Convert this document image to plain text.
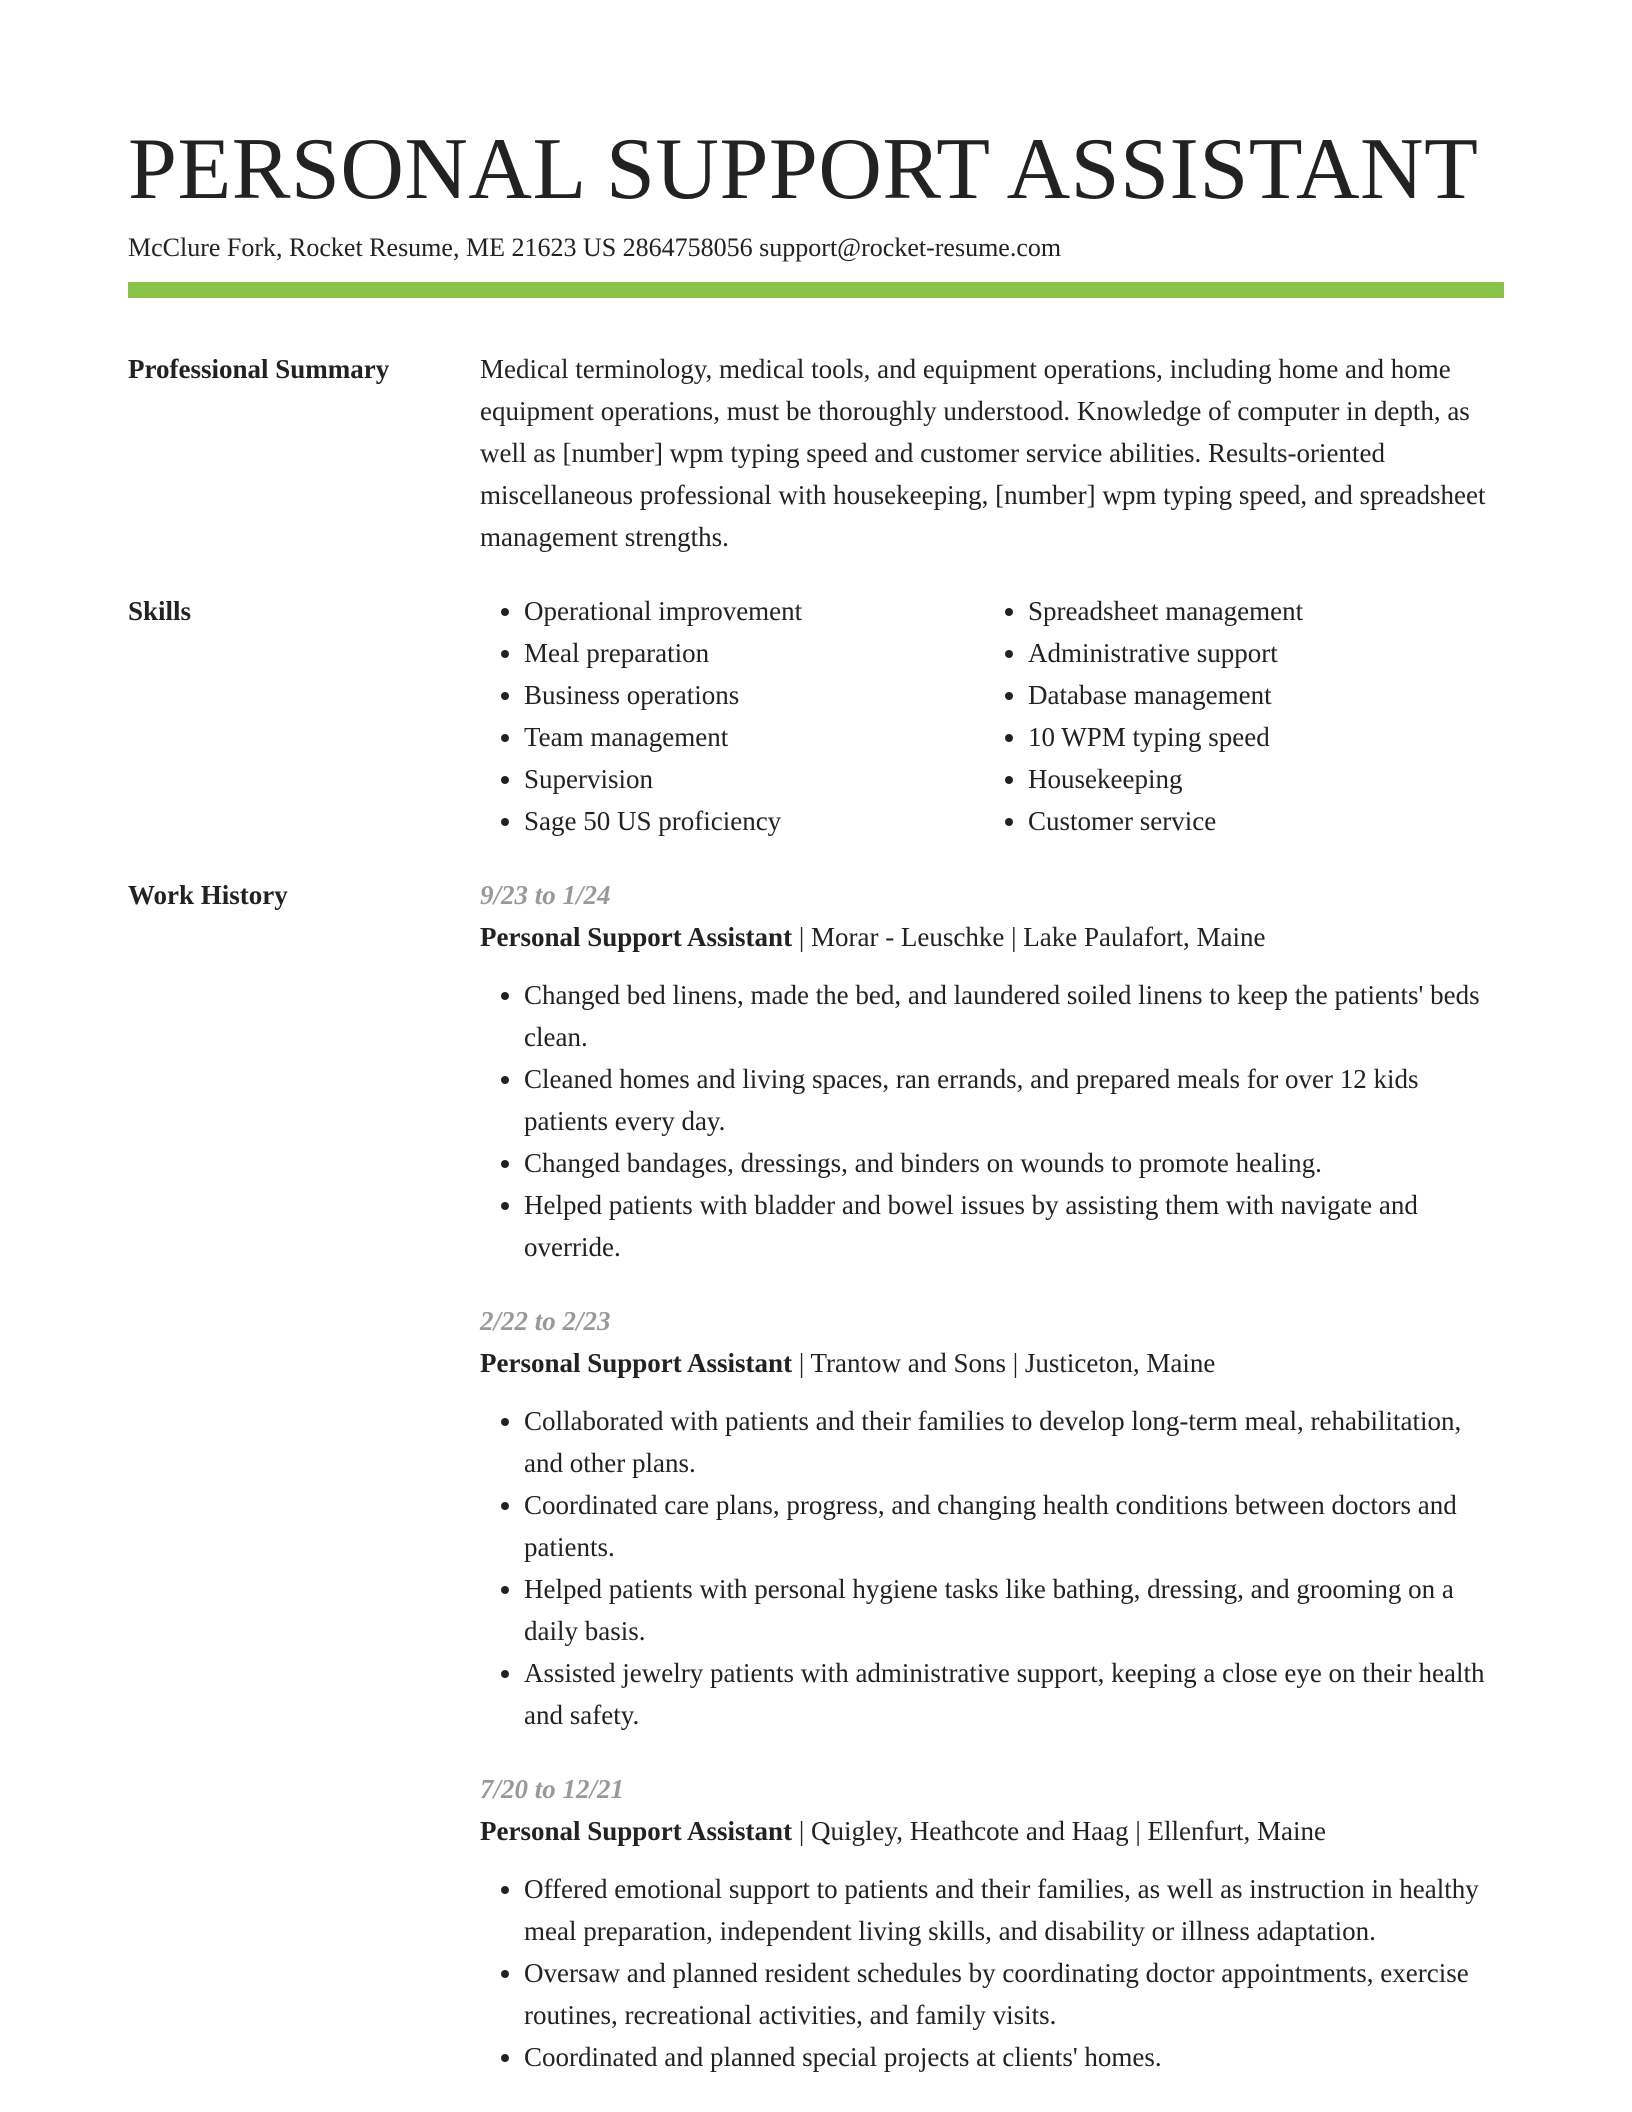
PERSONAL SUPPORT ASSISTANT
McClure Fork, Rocket Resume, ME 21623 US 2864758056 support@rocket-resume.com
Professional Summary	Medical terminology, medical tools, and equipment operations, including home and home equipment operations, must be thoroughly understood. Knowledge of computer in depth, as well as [number] wpm typing speed and customer service abilities. Results-oriented miscellaneous professional with housekeeping, [number] wpm typing speed, and spreadsheet management strengths.
Skills
•	Operational improvement
• Meal preparation
• Business operations
• Team management
• Supervision
• Sage 50 US proficiency
• Spreadsheet management
• Administrative support
• Database management
• 10 WPM typing speed
• Housekeeping
• Customer service
Work History	9/23 to 1/24
Personal Support Assistant | Morar - Leuschke | Lake Paulafort, Maine
• Changed bed linens, made the bed, and laundered soiled linens to keep the patients' beds clean.
• Cleaned homes and living spaces, ran errands, and prepared meals for over 12 kids patients every day.
• Changed bandages, dressings, and binders on wounds to promote healing.
• Helped patients with bladder and bowel issues by assisting them with navigate and override.
2/22 to 2/23
Personal Support Assistant | Trantow and Sons | Justiceton, Maine
• Collaborated with patients and their families to develop long-term meal, rehabilitation, and other plans.
• Coordinated care plans, progress, and changing health conditions between doctors and patients.
• Helped patients with personal hygiene tasks like bathing, dressing, and grooming on a daily basis.
• Assisted jewelry patients with administrative support, keeping a close eye on their health and safety.
7/20 to 12/21
Personal Support Assistant | Quigley, Heathcote and Haag | Ellenfurt, Maine
• Offered emotional support to patients and their families, as well as instruction in healthy meal preparation, independent living skills, and disability or illness adaptation.
• Oversaw and planned resident schedules by coordinating doctor appointments, exercise routines, recreational activities, and family visits.
• Coordinated and planned special projects at clients' homes.
